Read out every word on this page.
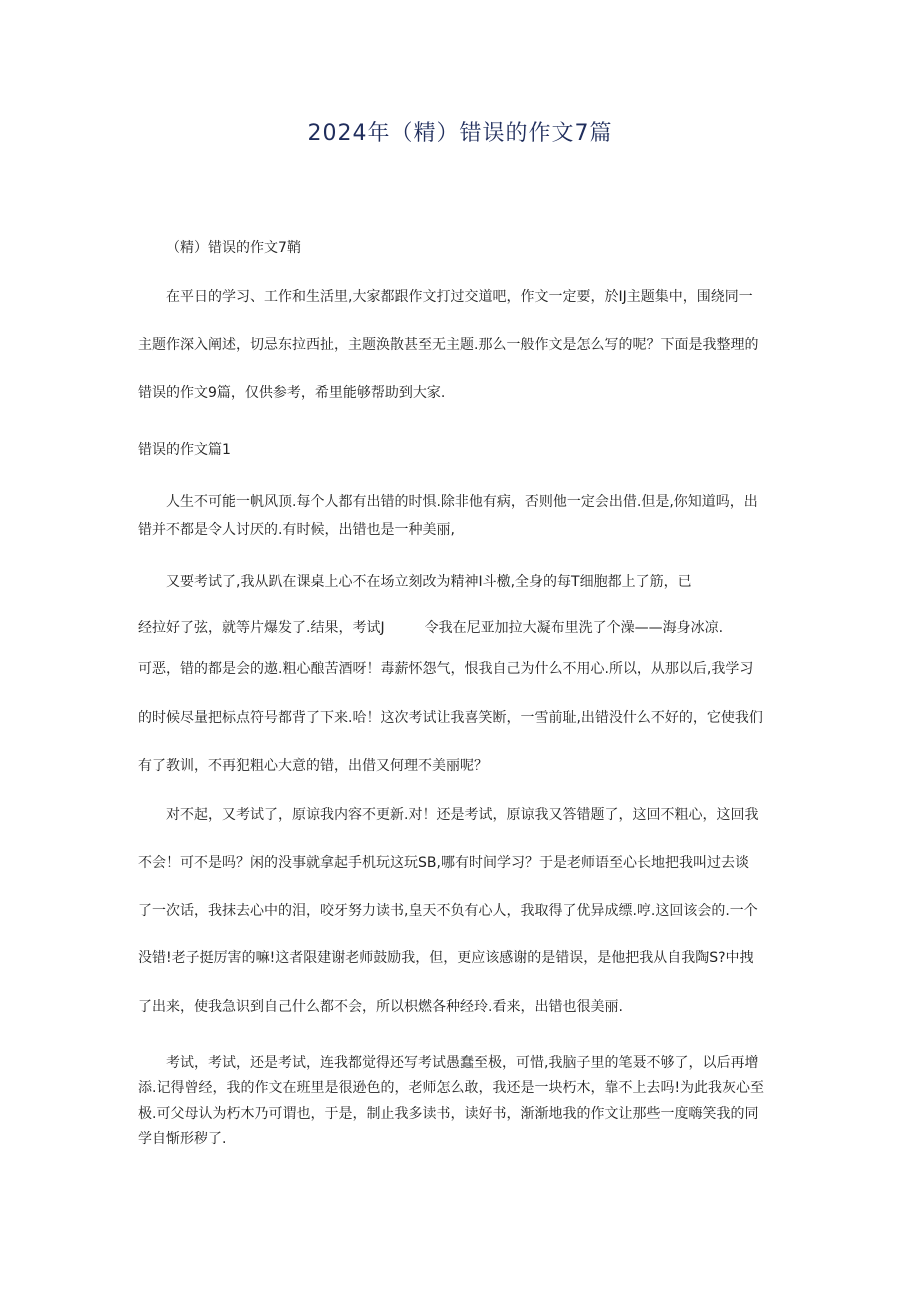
2024年（精）错误的作文7篇
（精）错误的作文7鞘
在平日的学习、工作和生活里,大家都跟作文打过交道吧，作文一定要，於IJ主题集中，围绕同一
主题作深入阐述，切忌东拉西扯，主题涣散甚至无主题.那么一般作文是怎么写的呢？下面是我整理的
错误的作文9篇，仅供参考，希里能够帮助到大家.
错误的作文篇1
人生不可能一帆风顶.每个人都有出错的时惧.除非他有病，否则他一定会出借.但是,你知道吗，出
错并不都是令人讨厌的.有时候，出错也是一种美丽,
又要考试了,我从趴在课桌上心不在场立刻改为精神I斗檄,全身的每T细胞都上了筋，已
经拉好了弦，就等片爆发了.结果，考试J	令我在尼亚加拉大凝布里洗了个澡——海身冰凉.
可恶，错的都是会的遨.粗心酿苦酒呀！毒薪怀怨气，恨我自己为什么不用心.所以，从那以后,我学习
的时候尽量把标点符号都背了下来.哈！这次考试让我喜笑断，一雪前耻,出错没什么不好的，它使我们
有了教训，不再犯粗心大意的错，出借又何理不美丽呢？
对不起，又考试了，原谅我内容不更新.对！还是考试，原谅我又答错题了，这回不粗心，这回我
不会！可不是吗？闲的没事就拿起手机玩这玩SB,哪有时间学习？于是老师语至心长地把我叫过去谈
了一次话，我抹去心中的泪，咬牙努力读书,皇天不负有心人，我取得了优异成缥.哼.这回该会的.一个
没错!老子挺厉害的嘛!这者限建谢老师鼓励我，但，更应该感谢的是错误，是他把我从自我陶S?中拽
了出来，使我急识到自己什么都不会，所以枳燃各种经玲.看来，出错也很美丽.
考试，考试，还是考试，连我都觉得还写考试愚蠢至极，可惜,我脑子里的笔聂不够了，以后再增
添.记得曾经，我的作文在班里是很逊色的，老师怎么敢，我还是一块朽木，靠不上去吗!为此我灰心至
极.可父母认为朽木乃可谓也，于是，制止我多读书，读好书，渐渐地我的作文让那些一度嗨笑我的同
学自惭形秽了.
